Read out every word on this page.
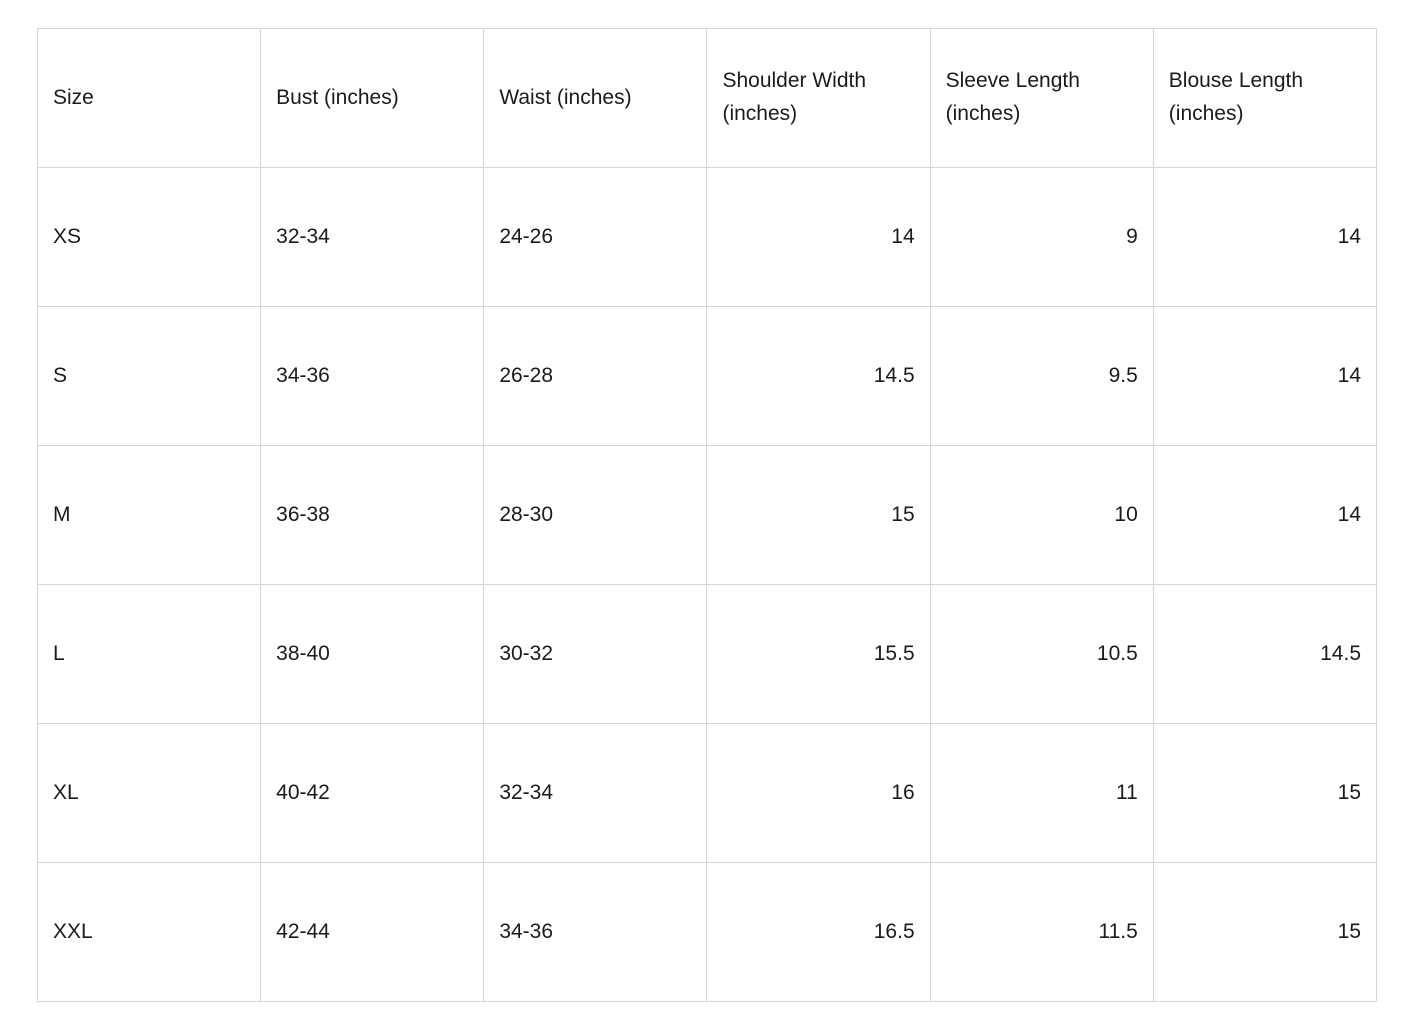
Size	Bust (inches)	Waist (inches)	Shoulder Width (inches)	Sleeve Length (inches)	Blouse Length (inches)
XS	32-34	24-26	14	9	14
S	34-36	26-28	14.5	9.5	14
M	36-38	28-30	15	10	14
L	38-40	30-32	15.5	10.5	14.5
XL	40-42	32-34	16	11	15
XXL	42-44	34-36	16.5	11.5	15
